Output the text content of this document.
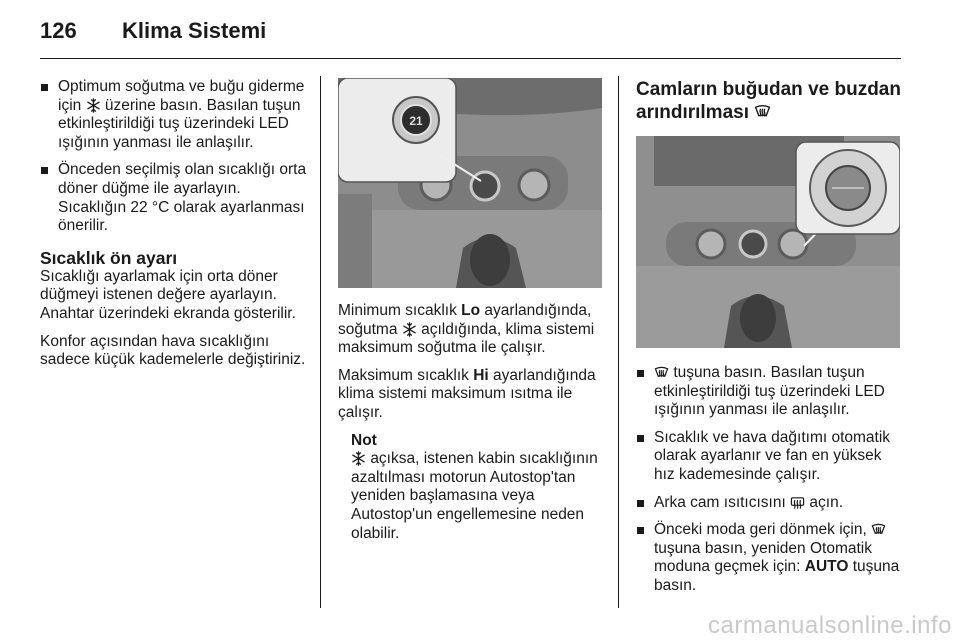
126 Klima Sistemi
Optimum soğutma ve buğu giderme için üzerine basın. Basılan tuşun etkinleştirildiği tuş üzerindeki LED ışığının yanması ile anlaşılır.
Önceden seçilmiş olan sıcaklığı orta döner düğme ile ayarlayın. Sıcaklığın 22 °C olarak ayarlanması önerilir.
Sıcaklık ön ayarı

Sıcaklığı ayarlamak için orta döner düğmeyi istenen değere ayarlayın. Anahtar üzerindeki ekranda gösterilir.

Konfor açısından hava sıcaklığını sadece küçük kademelerle değiştiriniz.

21

Minimum sıcaklık Lo ayarlandığında, soğutma açıldığında, klima sistemi maksimum soğutma ile çalışır.

Maksimum sıcaklık Hi ayarlandığında klima sistemi maksimum ısıtma ile çalışır.

Not
açıksa, istenen kabin sıcaklığının azaltılması motorun Autostop'tan yeniden başlamasına veya Autostop'un engellemesine neden olabilir.
Camların buğudan ve buzdan arındırılması
tuşuna basın. Basılan tuşun etkinleştirildiği tuş üzerindeki LED ışığının yanması ile anlaşılır.
Sıcaklık ve hava dağıtımı otomatik olarak ayarlanır ve fan en yüksek hız kademesinde çalışır.
Arka cam ısıtıcısını açın.
Önceki moda geri dönmek için,  tuşuna basın, yeniden Otomatik moduna geçmek için: AUTO tuşuna basın.
carmanualsonline.info
